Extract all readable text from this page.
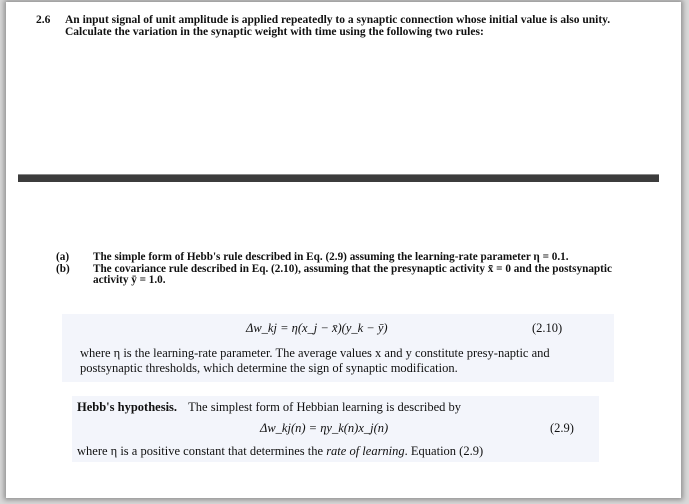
2.6 An input signal of unit amplitude is applied repeatedly to a synaptic connection whose initial value is also unity. Calculate the variation in the synaptic weight with time using the following two rules:
(a) The simple form of Hebb's rule described in Eq. (2.9) assuming the learning-rate parameter η = 0.1.
(b) The covariance rule described in Eq. (2.10), assuming that the presynaptic activity x̄ = 0 and the postsynaptic activity ȳ = 1.0.
Δw_kj = η(x_j − x̄)(y_k − ȳ)	(2.10)
where η is the learning-rate parameter. The average values x and y constitute presy-naptic and postsynaptic thresholds, which determine the sign of synaptic modification.
Hebb's hypothesis. The simplest form of Hebbian learning is described by
Δw_kj(n) = ηy_k(n)x_j(n)	(2.9)
where η is a positive constant that determines the rate of learning. Equation (2.9)
